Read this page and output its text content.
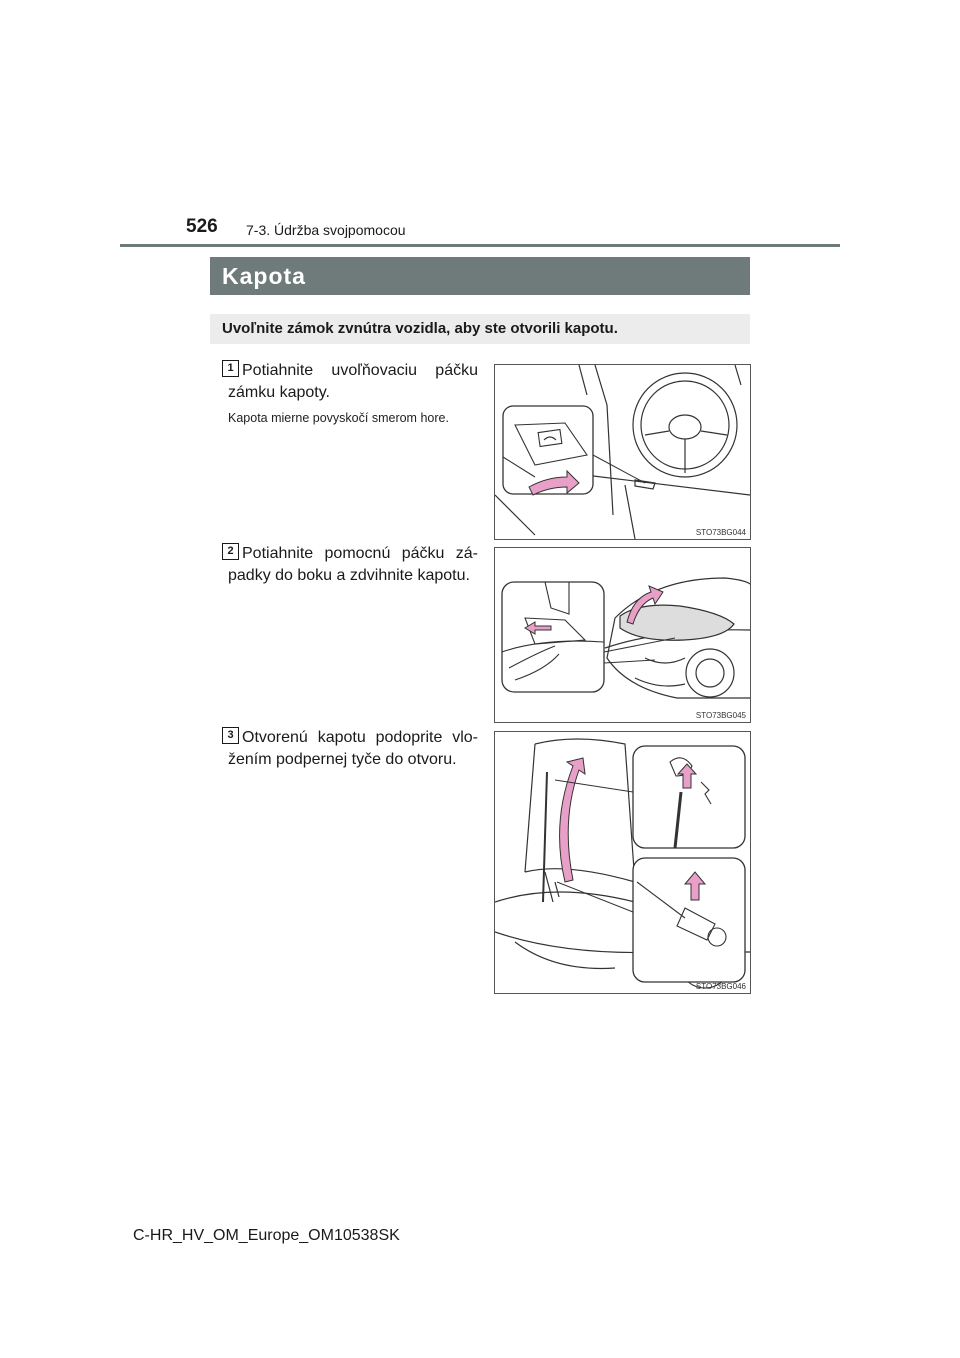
526 7-3. Údržba svojpomocou
Kapota
Uvoľnite zámok zvnútra vozidla, aby ste otvorili kapotu.
1 Potiahnite uvoľňovaciu páčku zámku kapoty.
Kapota mierne povyskočí smerom hore.
STO73BG044
2 Potiahnite pomocnú páčku zá-padky do boku a zdvihnite kapotu.
STO73BG045
3 Otvorenú kapotu podoprite vlo-žením podpernej tyče do otvoru.
STO73BG046
C-HR_HV_OM_Europe_OM10538SK
